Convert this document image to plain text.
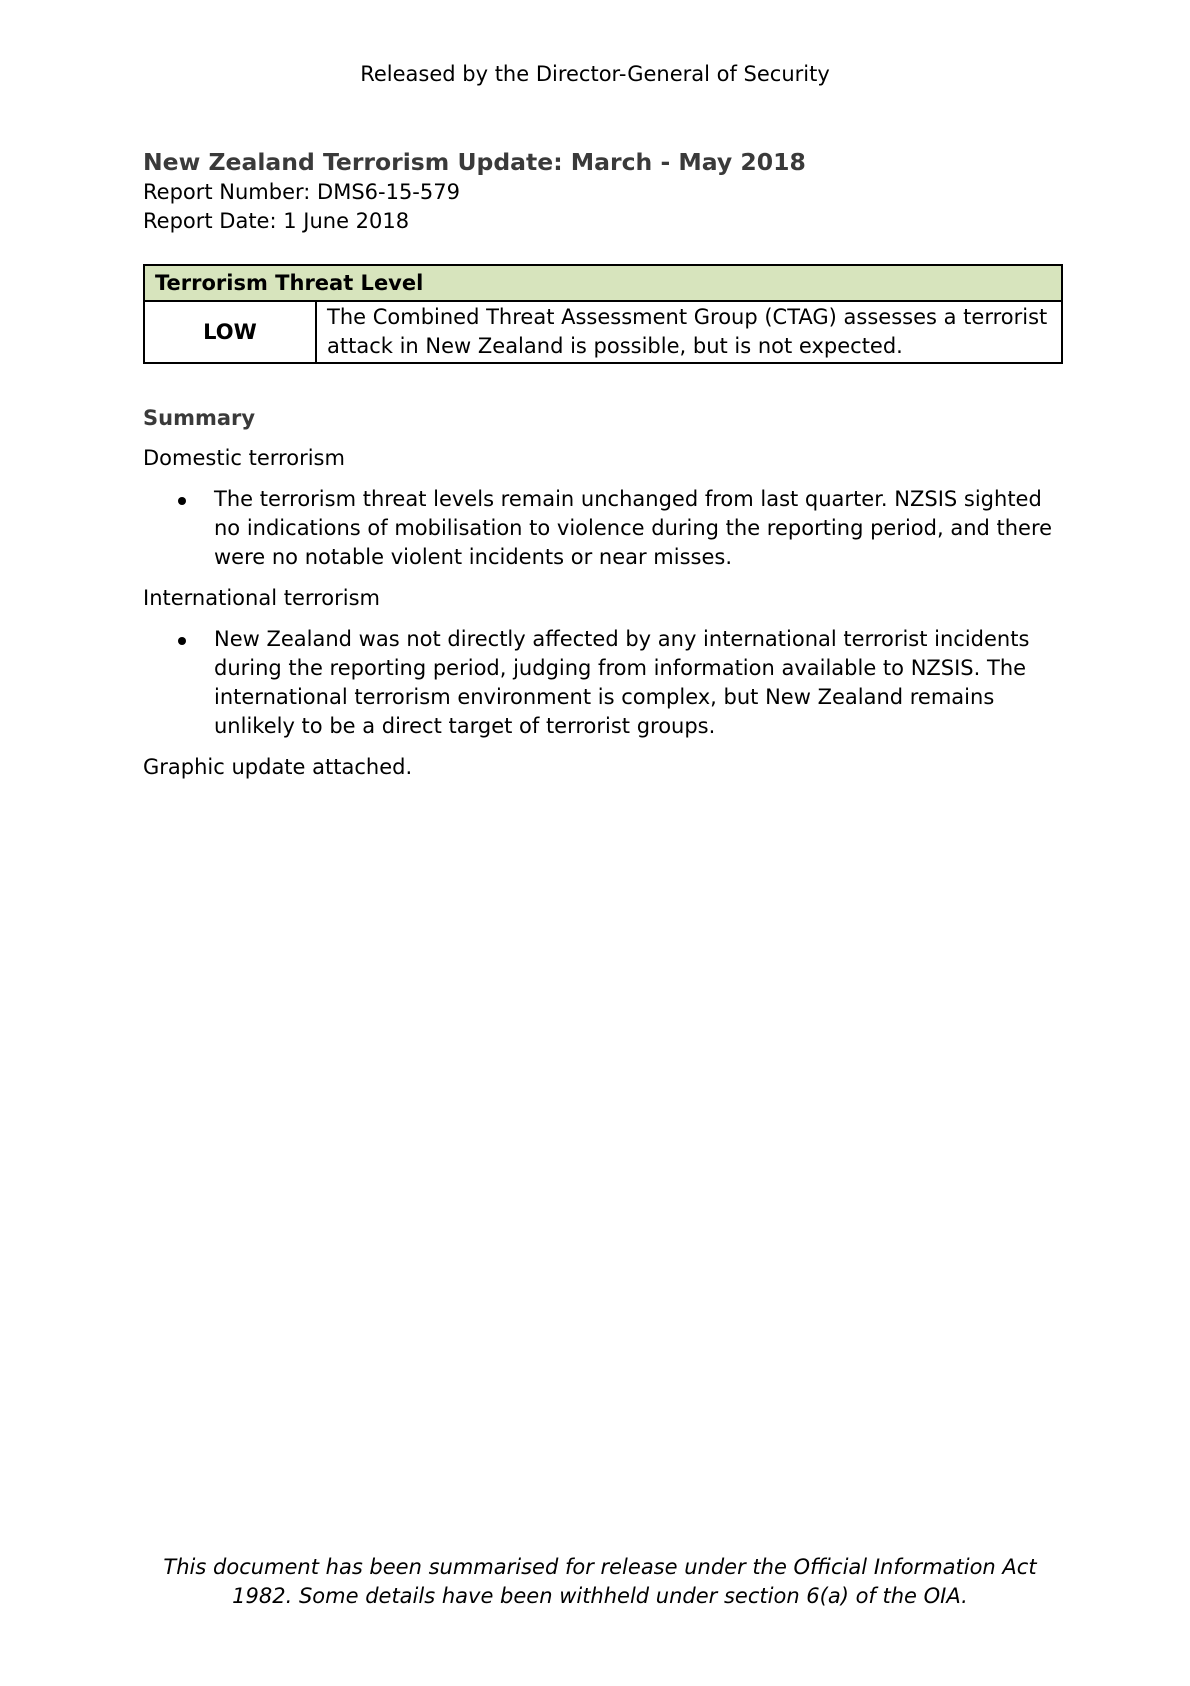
Released by the Director-General of Security
New Zealand Terrorism Update: March - May 2018
Report Number: DMS6-15-579
Report Date: 1 June 2018
Terrorism Threat Level
LOW	The Combined Threat Assessment Group (CTAG) assesses a terrorist attack in New Zealand is possible, but is not expected.
Summary
Domestic terrorism
The terrorism threat levels remain unchanged from last quarter. NZSIS sighted no indications of mobilisation to violence during the reporting period, and there were no notable violent incidents or near misses.
International terrorism
New Zealand was not directly affected by any international terrorist incidents during the reporting period, judging from information available to NZSIS. The international terrorism environment is complex, but New Zealand remains unlikely to be a direct target of terrorist groups.
Graphic update attached.
This document has been summarised for release under the Official Information Act 1982. Some details have been withheld under section 6(a) of the OIA.
